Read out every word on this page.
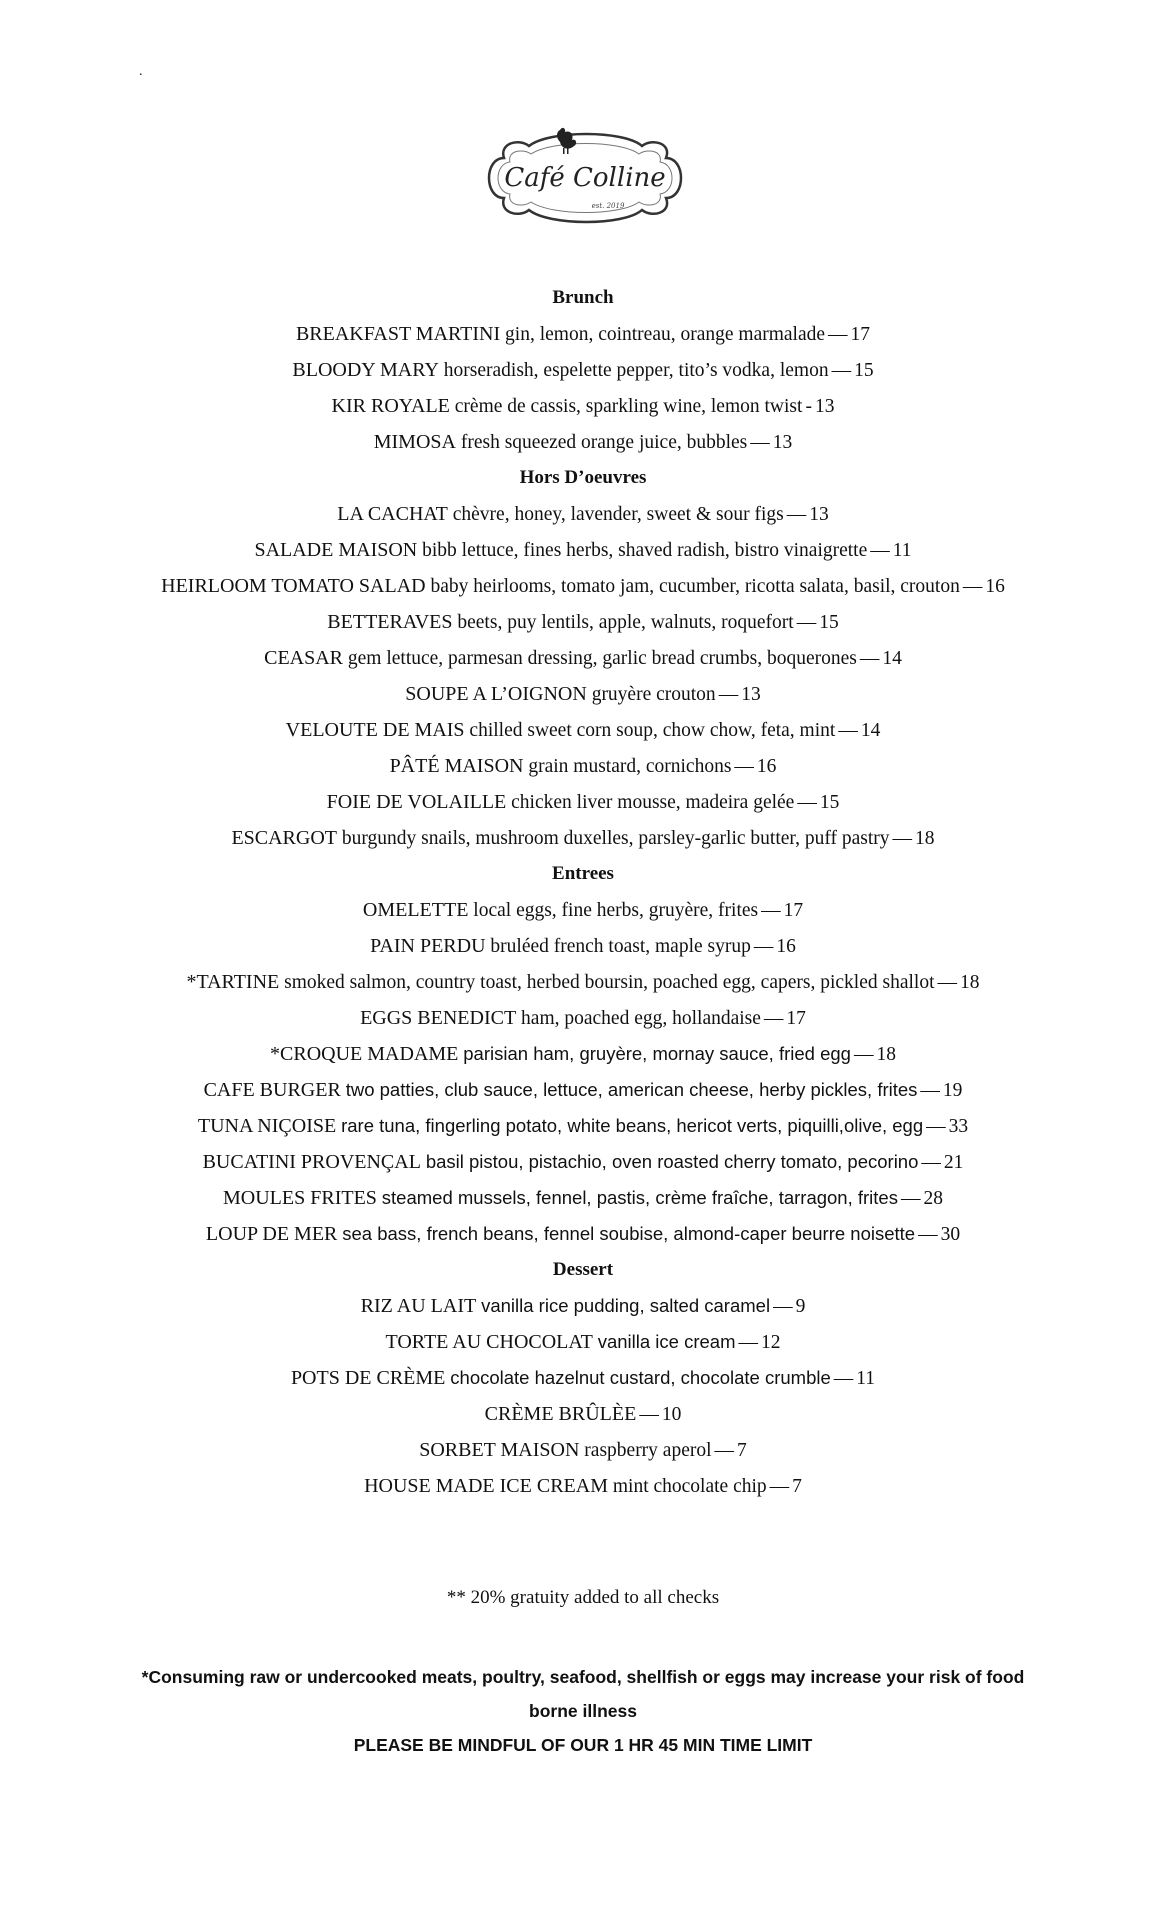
.
Café Colline
est. 2019
Brunch
BREAKFAST MARTINI gin, lemon, cointreau, orange marmalade — 17
BLOODY MARY horseradish, espelette pepper, tito’s vodka, lemon — 15
KIR ROYALE crème de cassis, sparkling wine, lemon twist - 13
MIMOSA fresh squeezed orange juice, bubbles — 13
Hors D’oeuvres
LA CACHAT chèvre, honey, lavender, sweet & sour figs — 13
SALADE MAISON bibb lettuce, fines herbs, shaved radish, bistro vinaigrette — 11
HEIRLOOM TOMATO SALAD baby heirlooms, tomato jam, cucumber, ricotta salata, basil, crouton — 16
BETTERAVES beets, puy lentils, apple, walnuts, roquefort — 15
CEASAR gem lettuce, parmesan dressing, garlic bread crumbs, boquerones — 14
SOUPE A L’OIGNON gruyère crouton — 13
VELOUTE DE MAIS chilled sweet corn soup, chow chow, feta, mint — 14
PÂTÉ MAISON grain mustard, cornichons — 16
FOIE DE VOLAILLE chicken liver mousse, madeira gelée — 15
ESCARGOT burgundy snails, mushroom duxelles, parsley-garlic butter, puff pastry — 18
Entrees
OMELETTE local eggs, fine herbs, gruyère, frites — 17
PAIN PERDU bruléed french toast, maple syrup — 16
*TARTINE smoked salmon, country toast, herbed boursin, poached egg, capers, pickled shallot — 18
EGGS BENEDICT ham, poached egg, hollandaise — 17
*CROQUE MADAME parisian ham, gruyère, mornay sauce, fried egg — 18
CAFE BURGER two patties, club sauce, lettuce, american cheese, herby pickles, frites — 19
TUNA NIÇOISE rare tuna, fingerling potato, white beans, hericot verts, piquilli,olive, egg — 33
BUCATINI PROVENÇAL basil pistou, pistachio, oven roasted cherry tomato, pecorino — 21
MOULES FRITES steamed mussels, fennel, pastis, crème fraîche, tarragon, frites — 28
LOUP DE MER sea bass, french beans, fennel soubise, almond-caper beurre noisette — 30
Dessert
RIZ AU LAIT vanilla rice pudding, salted caramel — 9
TORTE AU CHOCOLAT vanilla ice cream — 12
POTS DE CRÈME chocolate hazelnut custard, chocolate crumble — 11
CRÈME BRÛLÈE — 10
SORBET MAISON raspberry aperol — 7
HOUSE MADE ICE CREAM mint chocolate chip — 7
** 20% gratuity added to all checks
*Consuming raw or undercooked meats, poultry, seafood, shellfish or eggs may increase your risk of food borne illness
PLEASE BE MINDFUL OF OUR 1 HR 45 MIN TIME LIMIT
